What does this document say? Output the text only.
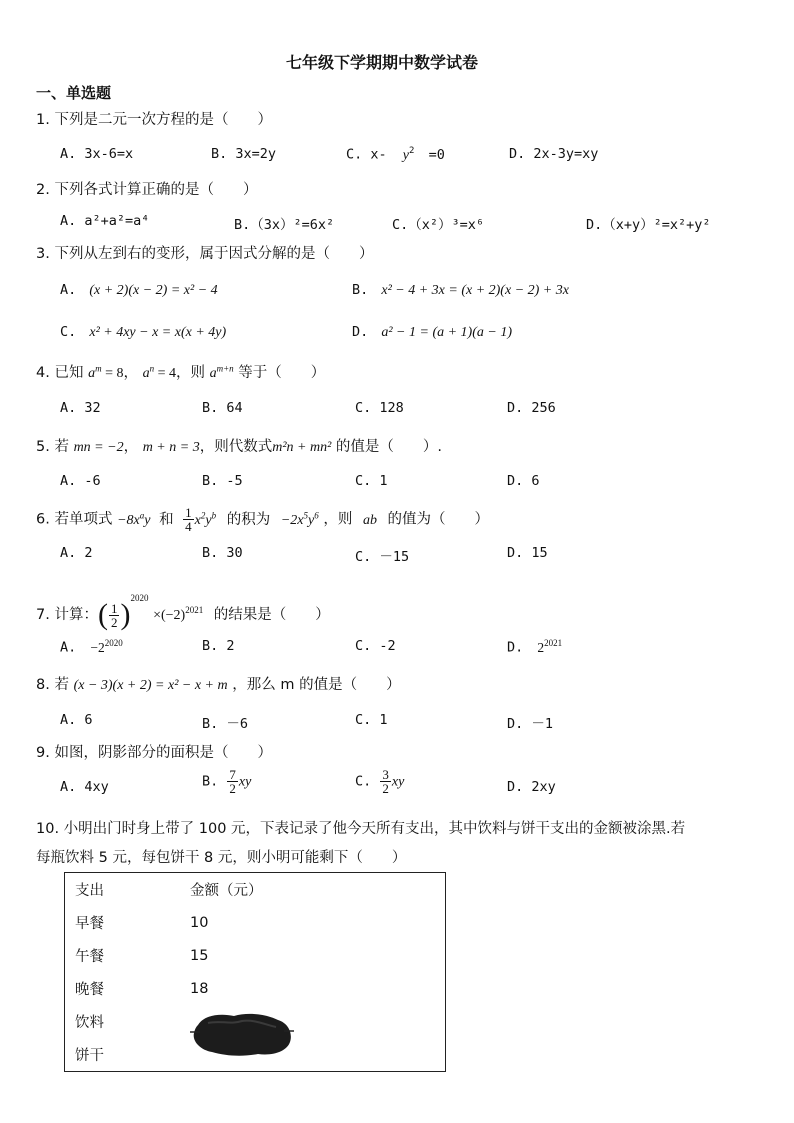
七年级下学期期中数学试卷
一、单选题
1. 下列是二元一次方程的是（　　）
A. 3x-6=x	B. 3x=2y	C. x- $y^2 =0$	D. 2x-3y=xy
2. 下列各式计算正确的是（　　）
A. a²+a²=a⁴	B.（3x）²=6x²	C.（x²）³=x⁶	D.（x+y）²=x²+y²
3. 下列从左到右的变形，属于因式分解的是（　　）
A. (x + 2)(x − 2) = x² − 4	B. x² − 4 + 3x = (x + 2)(x − 2) + 3x
C. x² + 4xy − x = x(x + 4y)	D. a² − 1 = (a + 1)(a − 1)
4. 已知 $a^m = 8$， $a^n = 4$，则 $a^{m+n}$ 等于（　　）
A. 32	B. 64	C. 128	D. 256
5. 若 mn = −2， m + n = 3，则代数式m²n + mn² 的值是（　　）.
A. -6	B. -5	C. 1	D. 6
6. 若单项式 $-8x^ay$ 和 $\frac{1}{4} x^2y^b$ 的积为 $-2x^5y^6$ ，则 ab 的值为（　　）
A. 2	B. 30	C. －15	D. 15
7. 计算：( $\frac{1}{2} )^{2020} \times(-2)^{2021}$ 的结果是（　　）
A. $-2^{2020}$	B. 2	C. -2	D. $2^{2021}$
8. 若 (x − 3)(x + 2) = x² − x + m ，那么 m 的值是（　　）
A. 6	B. －6	C. 1	D. －1
9. 如图，阴影部分的面积是（　　）
A. 4xy	B. $\frac{7}{2}$ xy	C. $\frac{3}{2}$ xy	D. 2xy
10. 小明出门时身上带了 100 元，下表记录了他今天所有支出，其中饮料与饼干支出的金额被涂黑.若
每瓶饮料 5 元，每包饼干 8 元，则小明可能剩下（　　）
支出	金额（元）
早餐	10
午餐	15
晚餐	18
饮料	
饼干	
